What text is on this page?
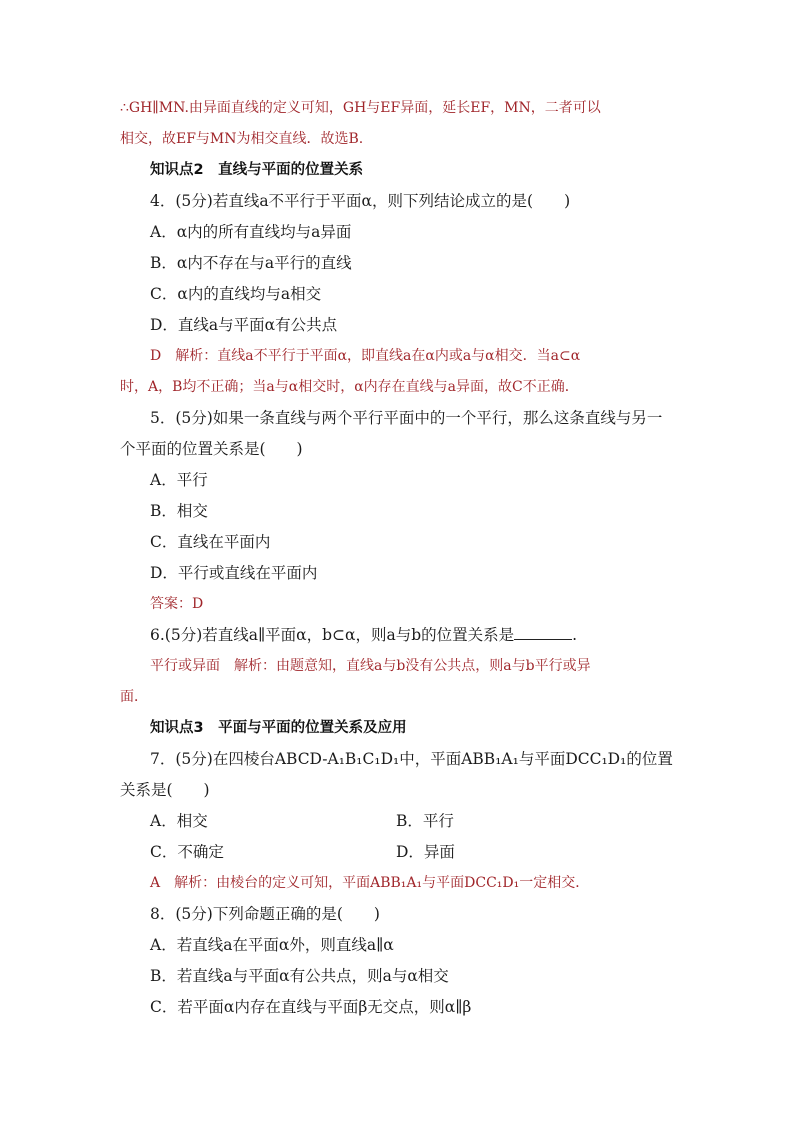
∴GH∥MN.由异面直线的定义可知，GH与EF异面，延长EF，MN，二者可以
相交，故EF与MN为相交直线．故选B.
知识点2　直线与平面的位置关系
4．(5分)若直线a不平行于平面α，则下列结论成立的是(　　)
A．α内的所有直线均与a异面
B．α内不存在与a平行的直线
C．α内的直线均与a相交
D．直线a与平面α有公共点
D　解析：直线a不平行于平面α，即直线a在α内或a与α相交．当a⊂α
时，A，B均不正确；当a与α相交时，α内存在直线与a异面，故C不正确．
5．(5分)如果一条直线与两个平行平面中的一个平行，那么这条直线与另一
个平面的位置关系是(　　)
A．平行
B．相交
C．直线在平面内
D．平行或直线在平面内
答案：D
6.(5分)若直线a∥平面α，b⊂α，则a与b的位置关系是	.
平行或异面　解析：由题意知，直线a与b没有公共点，则a与b平行或异
面．
知识点3　平面与平面的位置关系及应用
7．(5分)在四棱台ABCD-A₁B₁C₁D₁中，平面ABB₁A₁与平面DCC₁D₁的位置
关系是(　　)
A．相交	B．平行
C．不确定	D．异面
A　解析：由棱台的定义可知，平面ABB₁A₁与平面DCC₁D₁一定相交．
8．(5分)下列命题正确的是(　　)
A．若直线a在平面α外，则直线a∥α
B．若直线a与平面α有公共点，则a与α相交
C．若平面α内存在直线与平面β无交点，则α∥β
